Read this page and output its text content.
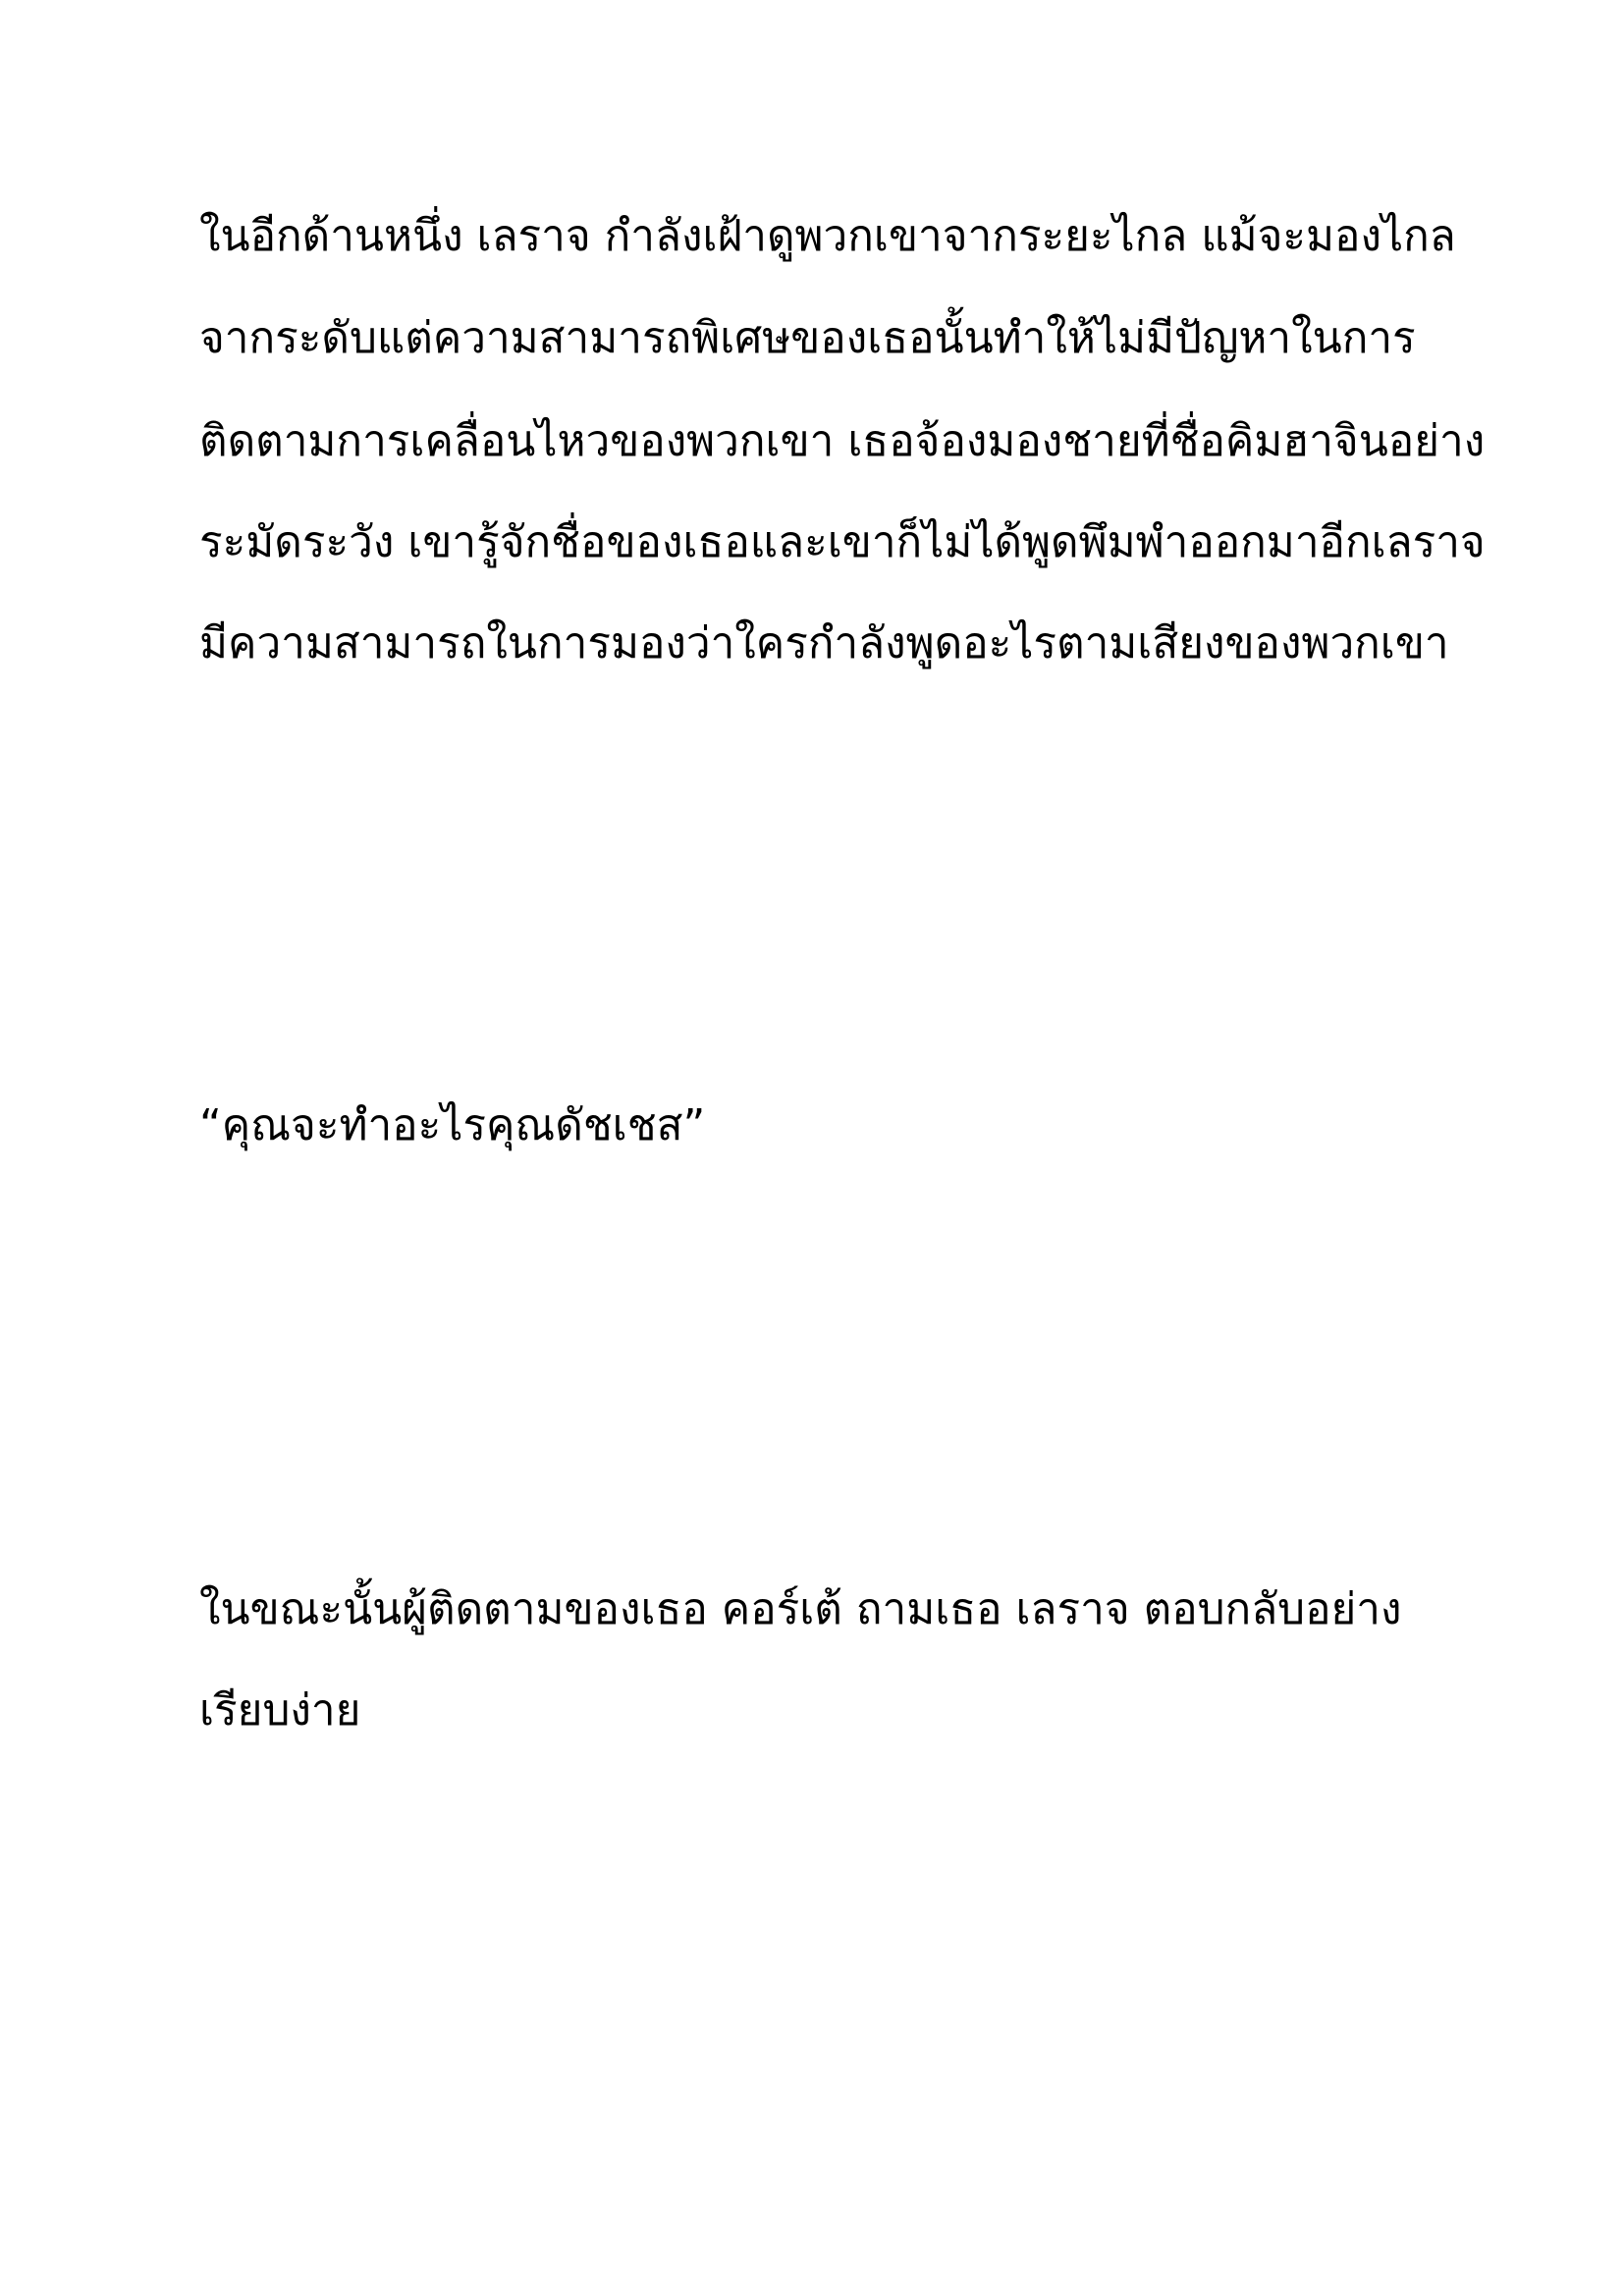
ในอีกด้านหนึ่ง เลราจ กำลังเฝ้าดูพวกเขาจากระยะไกล แม้จะมองไกล

จากระดับแต่ความสามารถพิเศษของเธอนั้นทำให้ไม่มีปัญหาในการ

ติดตามการเคลื่อนไหวของพวกเขา เธอจ้องมองชายที่ชื่อคิมฮาจินอย่าง

ระมัดระวัง เขารู้จักชื่อของเธอและเขาก็ไม่ได้พูดพึมพำออกมาอีกเลราจ

มีความสามารถในการมองว่าใครกำลังพูดอะไรตามเสียงของพวกเขา

“คุณจะทำอะไรคุณดัชเชส”

ในขณะนั้นผู้ติดตามของเธอ คอร์เต้ ถามเธอ เลราจ ตอบกลับอย่าง

เรียบง่าย
